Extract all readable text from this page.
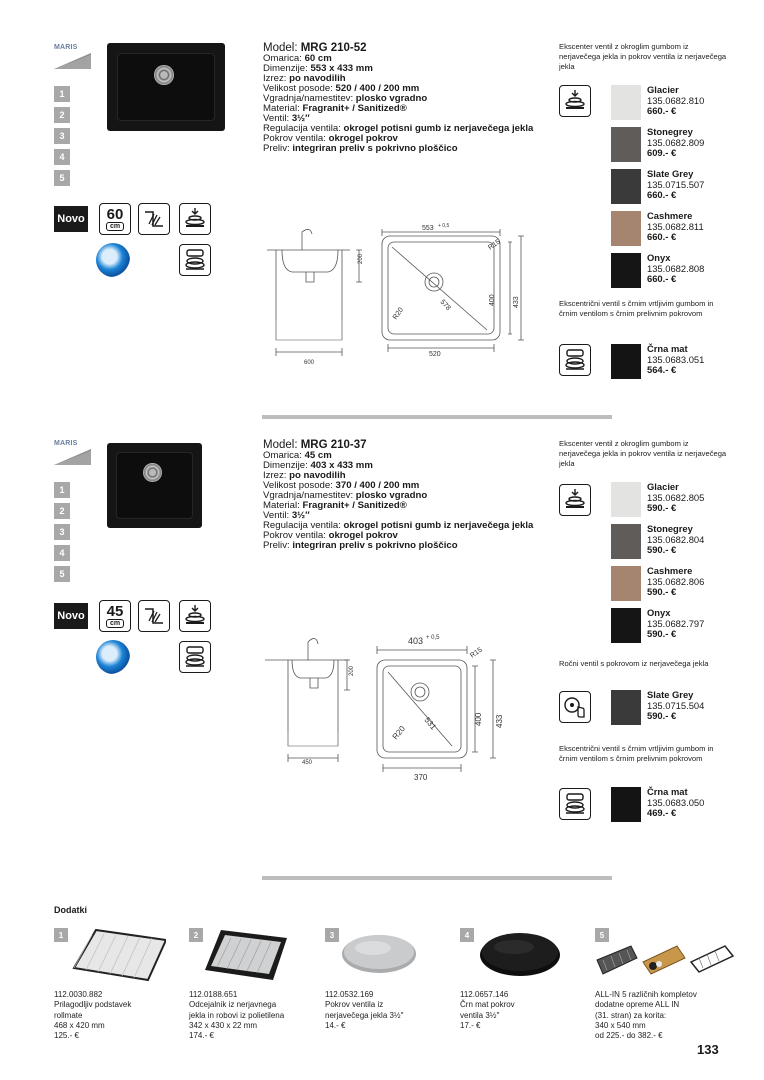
MARIS
1
2
3
4
5
Novo 60
cm
Model: MRG 210-52
Omarica: 60 cm
Dimenzije: 553 x 433 mm
Izrez: po navodilih
Velikost posode: 520 / 400 / 200 mm
Vgradnja/namestitev: plosko vgradno
Material: Fragranit+ / Sanitized®
Ventil: 3½″
Regulacija ventila: okrogel potisni gumb iz nerjavečega jekla
Pokrov ventila: okrogel pokrov
Preliv: integriran preliv s pokrivno ploščico
600
200
553 + 0,5
R15
R20
578
520
400 433
Ekscenter ventil z okroglim gumbom iz nerjavečega jekla in pokrov ventila iz nerjavečega jekla
Glacier
135.0682.810
660.- €
Stonegrey
135.0682.809
609.- €
Slate Grey
135.0715.507
660.- €
Cashmere
135.0682.811
660.- €
Onyx
135.0682.808
660.- €
Ekscentrični ventil s črnim vrtljivim gumbom in črnim ventilom s črnim prelivnim pokrovom
Črna mat
135.0683.051
564.- €
MARIS
1
2
3
4
5
Novo 45
cm
Model: MRG 210-37
Omarica: 45 cm
Dimenzije: 403 x 433 mm
Izrez: po navodilih
Velikost posode: 370 / 400 / 200 mm
Vgradnja/namestitev: plosko vgradno
Material: Fragranit+ / Sanitized®
Ventil: 3½″
Regulacija ventila: okrogel potisni gumb iz nerjavečega jekla
Pokrov ventila: okrogel pokrov
Preliv: integriran preliv s pokrivno ploščico
450
200
403 + 0,5
R15
R20
531
370
400 433
Ekscenter ventil z okroglim gumbom iz nerjavečega jekla in pokrov ventila iz nerjavečega jekla
Glacier
135.0682.805
590.- €
Stonegrey
135.0682.804
590.- €
Cashmere
135.0682.806
590.- €
Onyx
135.0682.797
590.- €
Ročni ventil s pokrovom iz nerjavečega jekla
Slate Grey
135.0715.504
590.- €
Ekscentrični ventil s črnim vrtljivim gumbom in črnim ventilom s črnim prelivnim pokrovom
Črna mat
135.0683.050
469.- €
Dodatki
1
112.0030.882
Prilagodljiv podstavek
rollmate
468 x 420 mm
125.- €
2
112.0188.651
Odcejalnik iz nerjavnega
jekla in robovi iz polietilena
342 x 430 x 22 mm
174.- €
3
112.0532.169
Pokrov ventila iz
nerjavečega jekla 3½″
14.- €
4
112.0657.146
Črn mat pokrov
ventila 3½″
17.- €
5
ALL-IN 5 različnih kompletov
dodatne opreme ALL IN
(31. stran) za korita:
340 x 540 mm
od 225.- do 382.- €
133
